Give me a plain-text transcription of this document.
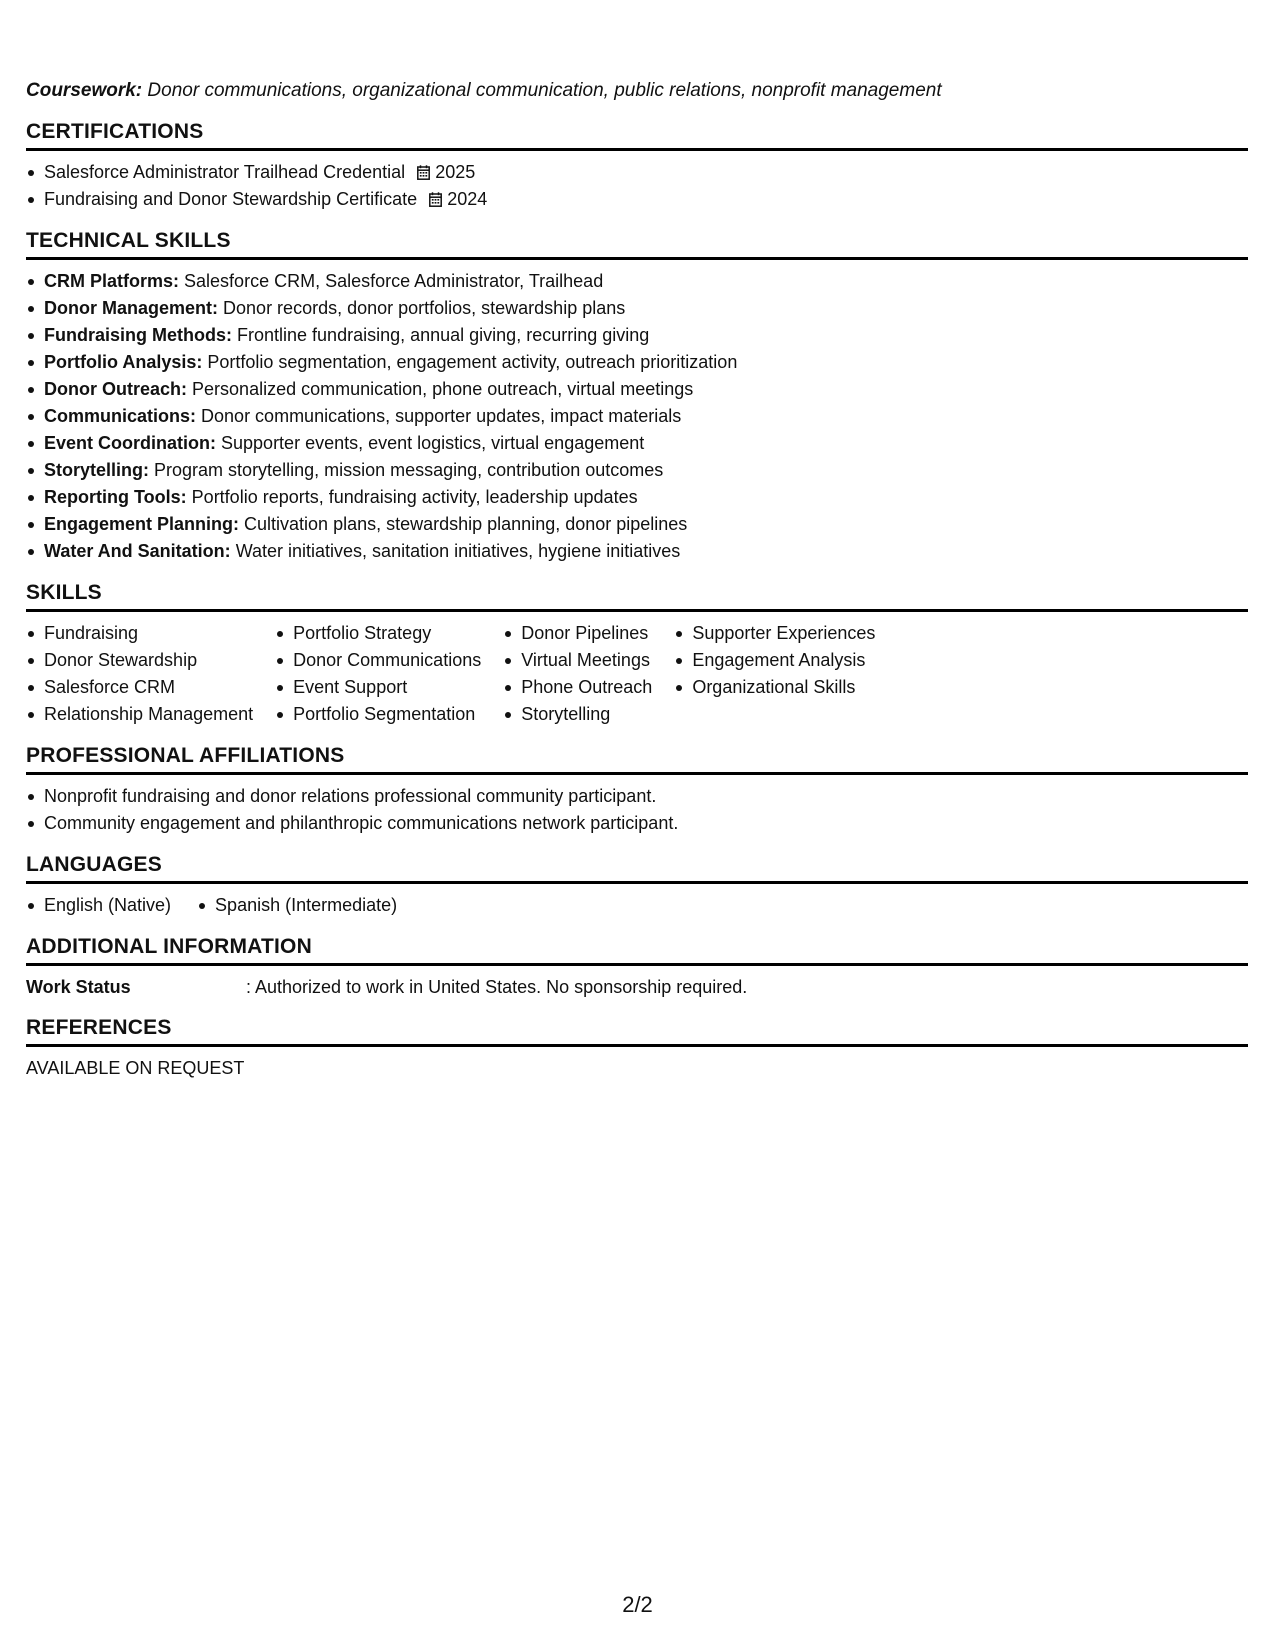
Coursework: Donor communications, organizational communication, public relations, nonprofit management
CERTIFICATIONS
Salesforce Administrator Trailhead Credential 2025
Fundraising and Donor Stewardship Certificate 2024
TECHNICAL SKILLS
CRM Platforms: Salesforce CRM, Salesforce Administrator, Trailhead
Donor Management: Donor records, donor portfolios, stewardship plans
Fundraising Methods: Frontline fundraising, annual giving, recurring giving
Portfolio Analysis: Portfolio segmentation, engagement activity, outreach prioritization
Donor Outreach: Personalized communication, phone outreach, virtual meetings
Communications: Donor communications, supporter updates, impact materials
Event Coordination: Supporter events, event logistics, virtual engagement
Storytelling: Program storytelling, mission messaging, contribution outcomes
Reporting Tools: Portfolio reports, fundraising activity, leadership updates
Engagement Planning: Cultivation plans, stewardship planning, donor pipelines
Water And Sanitation: Water initiatives, sanitation initiatives, hygiene initiatives
SKILLS
Fundraising
Donor Stewardship
Salesforce CRM
Relationship Management
Portfolio Strategy
Donor Communications
Event Support
Portfolio Segmentation
Donor Pipelines
Virtual Meetings
Phone Outreach
Storytelling
Supporter Experiences
Engagement Analysis
Organizational Skills
PROFESSIONAL AFFILIATIONS
Nonprofit fundraising and donor relations professional community participant.
Community engagement and philanthropic communications network participant.
LANGUAGES
English (Native)	Spanish (Intermediate)
ADDITIONAL INFORMATION
Work Status	: Authorized to work in United States. No sponsorship required.
REFERENCES
AVAILABLE ON REQUEST
2/2
